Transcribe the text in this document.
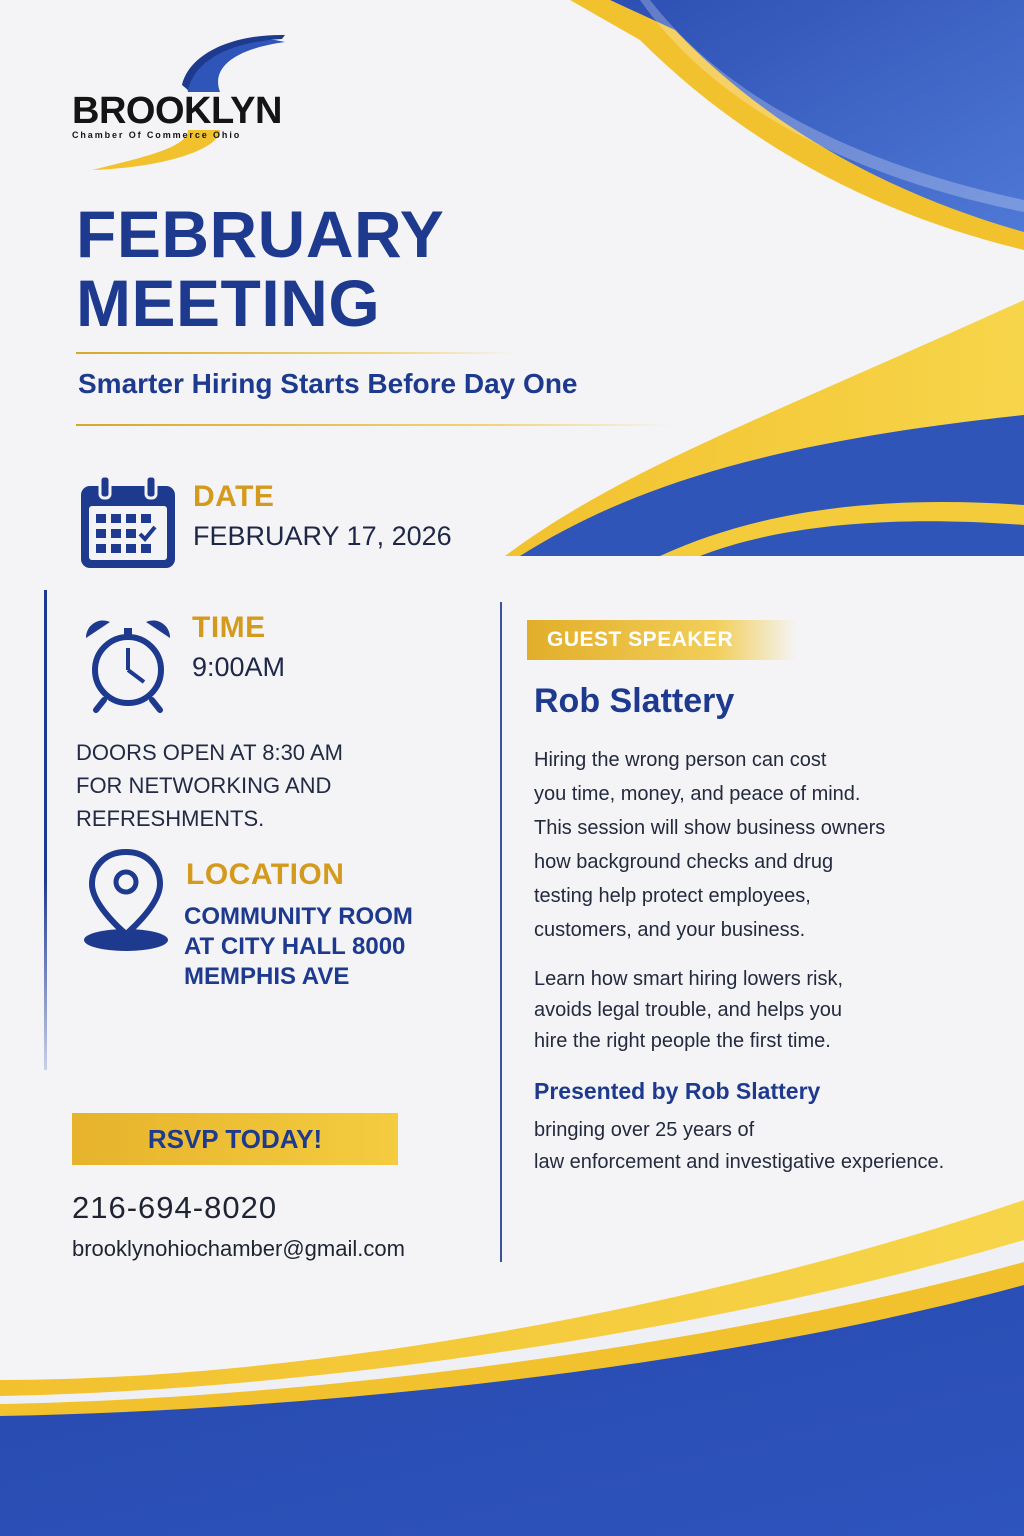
BROOKLYN
Chamber Of Commerce Ohio
FEBRUARY
MEETING
Smarter Hiring Starts Before Day One
DATE
FEBRUARY 17, 2026
TIME
9:00AM
DOORS OPEN AT 8:30 AM
FOR NETWORKING AND
REFRESHMENTS.
LOCATION
COMMUNITY ROOM
AT CITY HALL 8000
MEMPHIS AVE
RSVP TODAY!
216-694-8020
brooklynohiochamber@gmail.com
GUEST SPEAKER
Rob Slattery

Hiring the wrong person can cost
you time, money, and peace of mind.
This session will show business owners
how background checks and drug
testing help protect employees,
customers, and your business.

Learn how smart hiring lowers risk,
avoids legal trouble, and helps you
hire the right people the first time.

Presented by Rob Slattery
bringing over 25 years of
law enforcement and investigative experience.
